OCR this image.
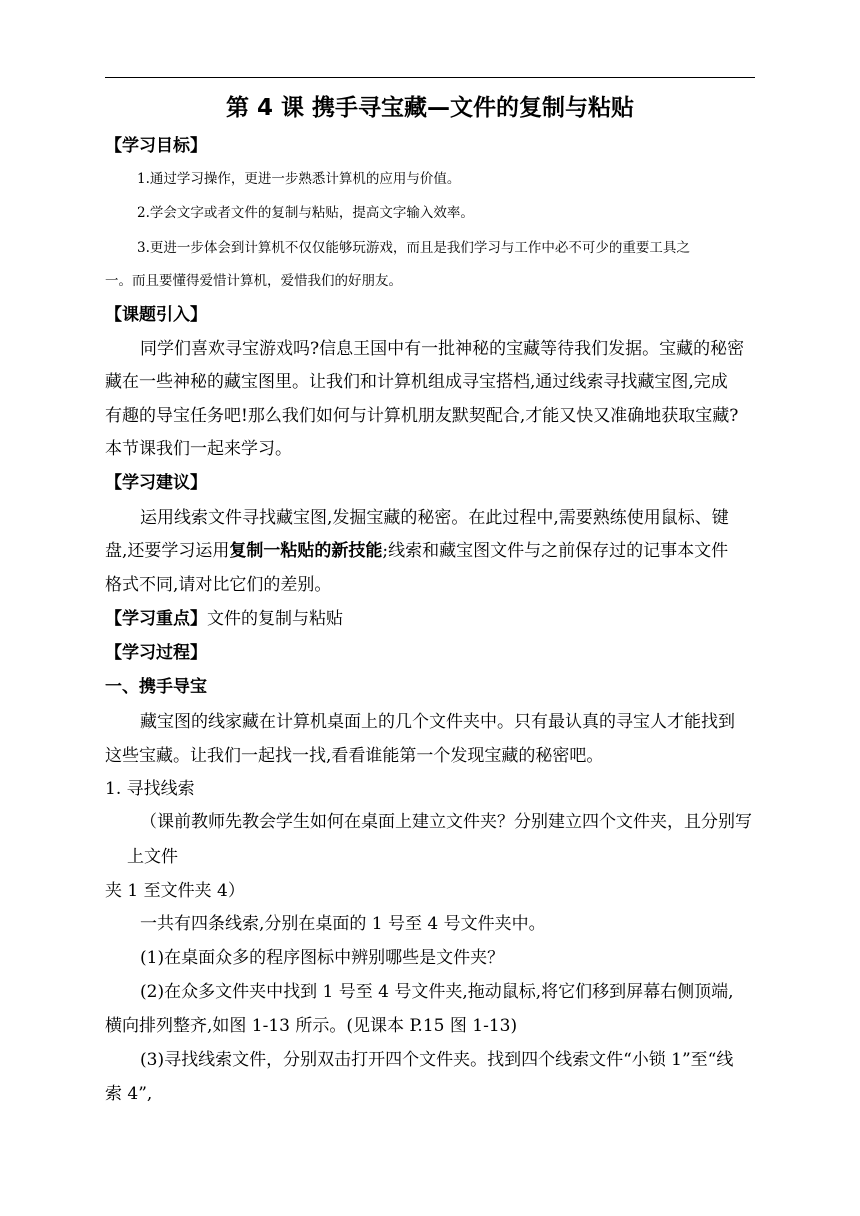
第 4 课 携手寻宝藏—文件的复制与粘贴
【学习目标】
1.通过学习操作，更进一步熟悉计算机的应用与价值。
2.学会文字或者文件的复制与粘贴，提高文字输入效率。
3.更进一步体会到计算机不仅仅能够玩游戏，而且是我们学习与工作中必不可少的重要工具之
一。而且要懂得爱惜计算机，爱惜我们的好朋友。
【课题引入】
同学们喜欢寻宝游戏吗?信息王国中有一批神秘的宝藏等待我们发据。宝藏的秘密
藏在一些神秘的藏宝图里。让我们和计算机组成寻宝搭档,通过线索寻找藏宝图,完成
有趣的导宝任务吧!那么我们如何与计算机朋友默契配合,才能又快又准确地获取宝藏?
本节课我们一起来学习。
【学习建议】
运用线索文件寻找藏宝图,发掘宝藏的秘密。在此过程中,需要熟练使用鼠标、键
盘,还要学习运用复制一粘贴的新技能;线索和藏宝图文件与之前保存过的记事本文件
格式不同,请对比它们的差别。
【学习重点】文件的复制与粘贴
【学习过程】
一、携手导宝
藏宝图的线家藏在计算机桌面上的几个文件夹中。只有最认真的寻宝人才能找到
这些宝藏。让我们一起找一找,看看谁能第一个发现宝藏的秘密吧。
1. 寻找线索
（课前教师先教会学生如何在桌面上建立文件夹？分别建立四个文件夹，且分别写
上文件
夹 1 至文件夹 4）
一共有四条线索,分别在桌面的 1 号至 4 号文件夹中。
(1)在桌面众多的程序图标中辨别哪些是文件夹？
(2)在众多文件夹中找到 1 号至 4 号文件夹,拖动鼠标,将它们移到屏幕右侧顶端,
横向排列整齐,如图 1-13 所示。(见课本 P.15 图 1-13)
(3)寻找线索文件，分别双击打开四个文件夹。找到四个线索文件“小锁 1”至“线
索 4”,
